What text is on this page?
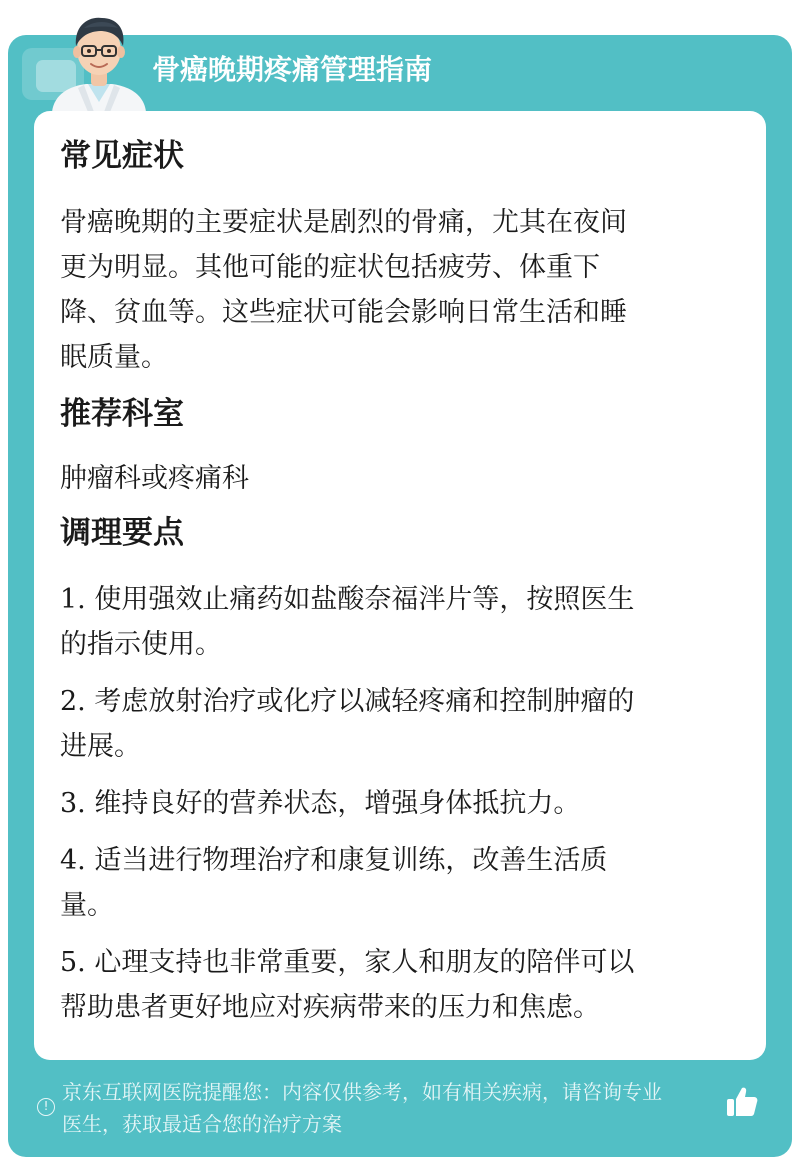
骨癌晚期疼痛管理指南
常见症状

骨癌晚期的主要症状是剧烈的骨痛，尤其在夜间

更为明显。其他可能的症状包括疲劳、体重下

降、贫血等。这些症状可能会影响日常生活和睡

眠质量。

推荐科室

肿瘤科或疼痛科

调理要点

1. 使用强效止痛药如盐酸奈福泮片等，按照医生

的指示使用。

2. 考虑放射治疗或化疗以减轻疼痛和控制肿瘤的

进展。

3. 维持良好的营养状态，增强身体抵抗力。

4. 适当进行物理治疗和康复训练，改善生活质

量。

5. 心理支持也非常重要，家人和朋友的陪伴可以

帮助患者更好地应对疾病带来的压力和焦虑。

!
京东互联网医院提醒您：内容仅供参考，如有相关疾病，请咨询专业
医生，获取最适合您的治疗方案
